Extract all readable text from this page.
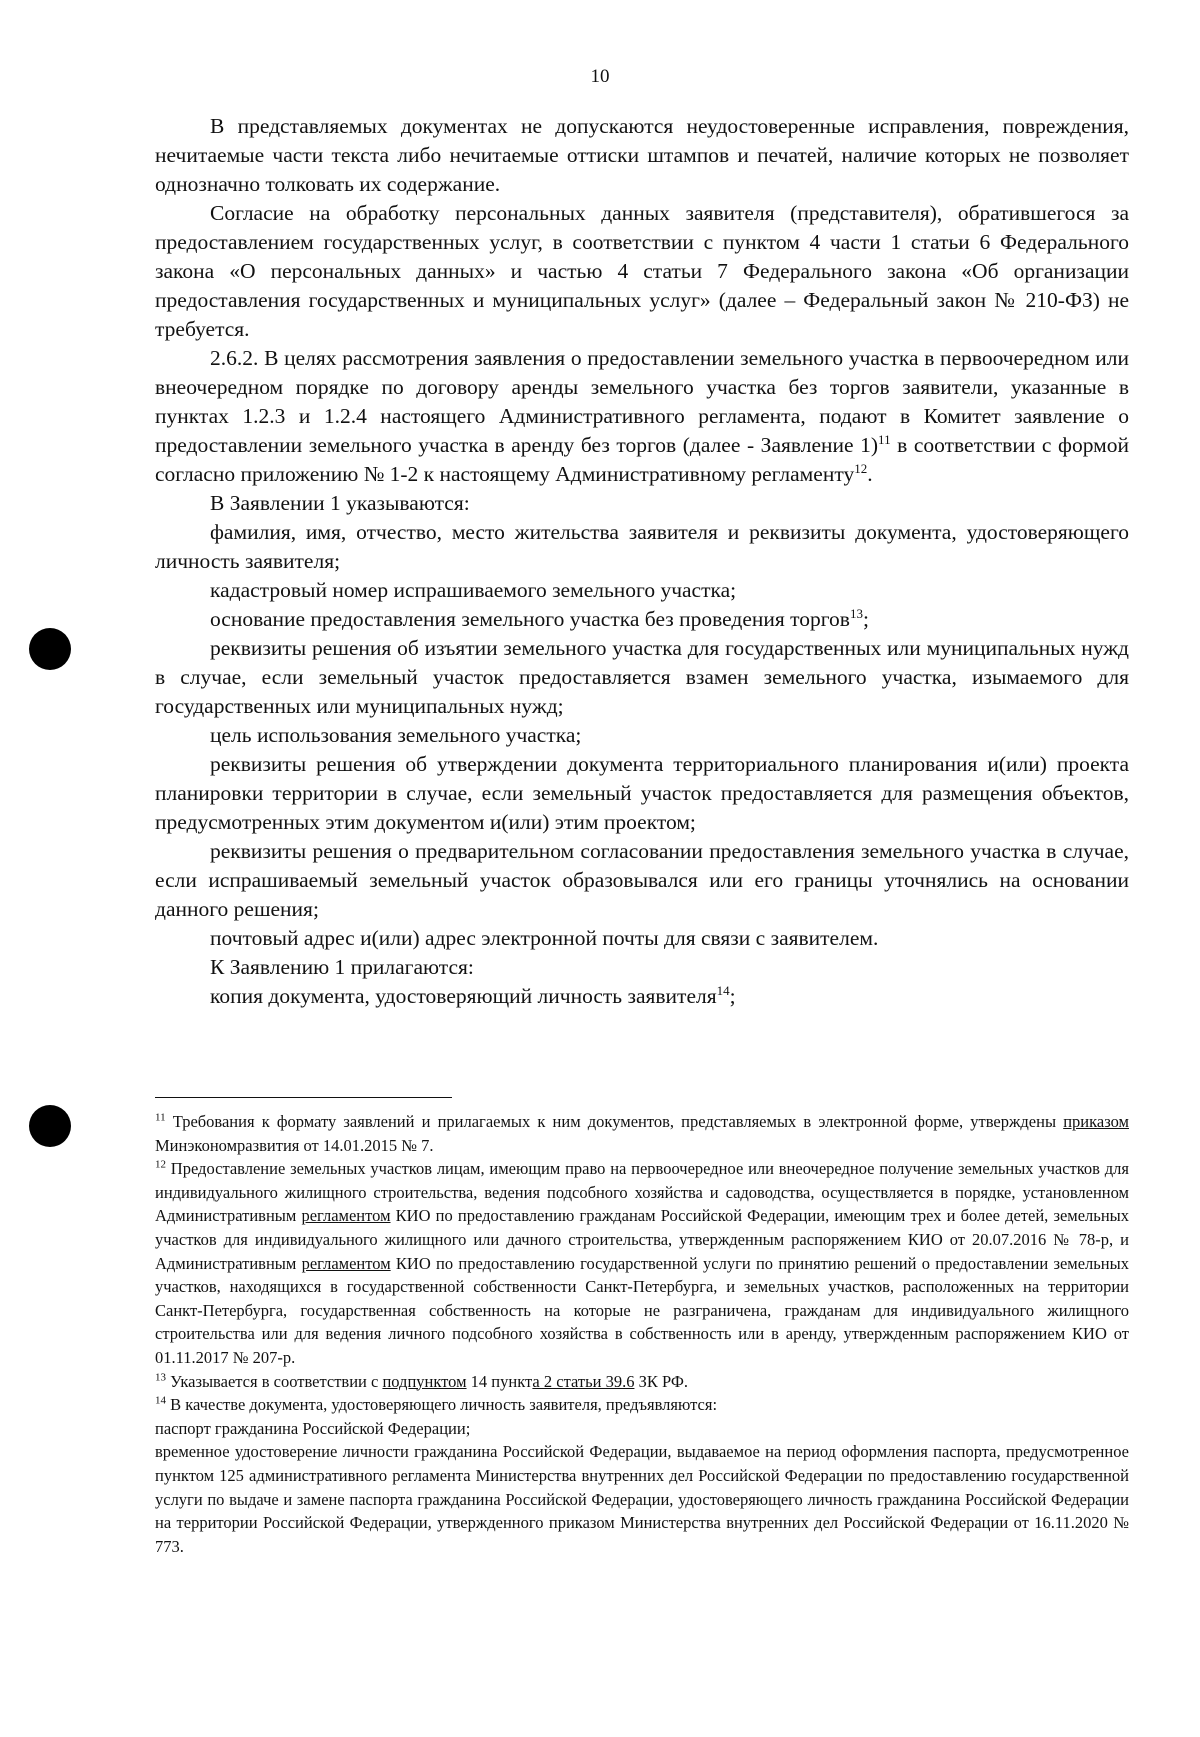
10

В представляемых документах не допускаются неудостоверенные исправления, повреждения, нечитаемые части текста либо нечитаемые оттиски штампов и печатей, наличие которых не позволяет однозначно толковать их содержание.

Согласие на обработку персональных данных заявителя (представителя), обратившегося за предоставлением государственных услуг, в соответствии с пунктом 4 части 1 статьи 6 Федерального закона «О персональных данных» и частью 4 статьи 7 Федерального закона «Об организации предоставления государственных и муниципальных услуг» (далее – Федеральный закон № 210-ФЗ) не требуется.

2.6.2. В целях рассмотрения заявления о предоставлении земельного участка в первоочередном или внеочередном порядке по договору аренды земельного участка без торгов заявители, указанные в пунктах 1.2.3 и 1.2.4 настоящего Административного регламента, подают в Комитет заявление о предоставлении земельного участка в аренду без торгов (далее - Заявление 1)$^{11}$ в соответствии с формой согласно приложению № 1-2 к настоящему Административному регламенту$^{12}$.

В Заявлении 1 указываются:

фамилия, имя, отчество, место жительства заявителя и реквизиты документа, удостоверяющего личность заявителя;

кадастровый номер испрашиваемого земельного участка;

основание предоставления земельного участка без проведения торгов$^{13}$;

реквизиты решения об изъятии земельного участка для государственных или муниципальных нужд в случае, если земельный участок предоставляется взамен земельного участка, изымаемого для государственных или муниципальных нужд;

цель использования земельного участка;

реквизиты решения об утверждении документа территориального планирования и(или) проекта планировки территории в случае, если земельный участок предоставляется для размещения объектов, предусмотренных этим документом и(или) этим проектом;

реквизиты решения о предварительном согласовании предоставления земельного участка в случае, если испрашиваемый земельный участок образовывался или его границы уточнялись на основании данного решения;

почтовый адрес и(или) адрес электронной почты для связи с заявителем.

К Заявлению 1 прилагаются:

копия документа, удостоверяющий личность заявителя$^{14}$;

$^{11}$ Требования к формату заявлений и прилагаемых к ним документов, представляемых в электронной форме, утверждены приказом Минэкономразвития от 14.01.2015 № 7.

$^{12}$ Предоставление земельных участков лицам, имеющим право на первоочередное или внеочередное получение земельных участков для индивидуального жилищного строительства, ведения подсобного хозяйства и садоводства, осуществляется в порядке, установленном Административным регламентом КИО по предоставлению гражданам Российской Федерации, имеющим трех и более детей, земельных участков для индивидуального жилищного или дачного строительства, утвержденным распоряжением КИО от 20.07.2016 № 78-р, и Административным регламентом КИО по предоставлению государственной услуги по принятию решений о предоставлении земельных участков, находящихся в государственной собственности Санкт-Петербурга, и земельных участков, расположенных на территории Санкт-Петербурга, государственная собственность на которые не разграничена, гражданам для индивидуального жилищного строительства или для ведения личного подсобного хозяйства в собственность или в аренду, утвержденным распоряжением КИО от 01.11.2017 № 207-р.

$^{13}$ Указывается в соответствии с подпунктом 14 пункта 2 статьи 39.6 ЗК РФ.

$^{14}$ В качестве документа, удостоверяющего личность заявителя, предъявляются:

паспорт гражданина Российской Федерации;

временное удостоверение личности гражданина Российской Федерации, выдаваемое на период оформления паспорта, предусмотренное пунктом 125 административного регламента Министерства внутренних дел Российской Федерации по предоставлению государственной услуги по выдаче и замене паспорта гражданина Российской Федерации, удостоверяющего личность гражданина Российской Федерации на территории Российской Федерации, утвержденного приказом Министерства внутренних дел Российской Федерации от 16.11.2020 № 773.
